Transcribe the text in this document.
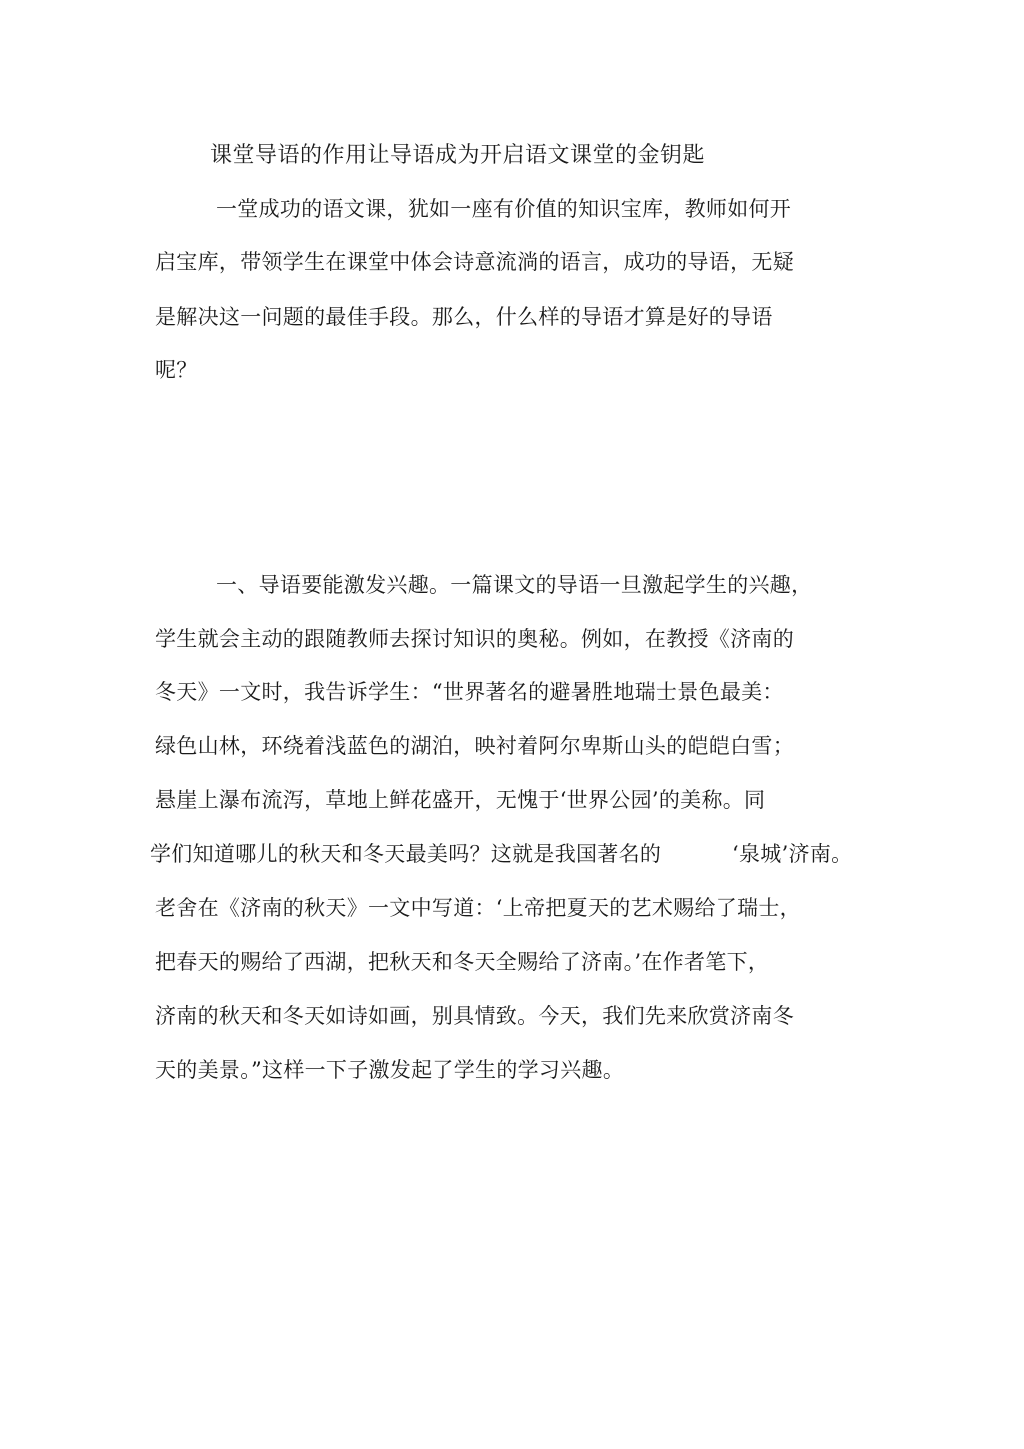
课堂导语的作用让导语成为开启语文课堂的金钥匙
一堂成功的语文课，犹如一座有价值的知识宝库，教师如何开
启宝库，带领学生在课堂中体会诗意流淌的语言，成功的导语，无疑
是解决这一问题的最佳手段。那么，什么样的导语才算是好的导语
呢？
一、导语要能激发兴趣。一篇课文的导语一旦激起学生的兴趣，
学生就会主动的跟随教师去探讨知识的奥秘。例如，在教授《济南的
冬天》一文时，我告诉学生：“世界著名的避暑胜地瑞士景色最美：
绿色山林，环绕着浅蓝色的湖泊，映衬着阿尔卑斯山头的皑皑白雪；
悬崖上瀑布流泻，草地上鲜花盛开，无愧于‘世界公园’的美称。同
学们知道哪儿的秋天和冬天最美吗？这就是我国著名的	‘泉城’济南。
老舍在《济南的秋天》一文中写道：‘上帝把夏天的艺术赐给了瑞士，
把春天的赐给了西湖，把秋天和冬天全赐给了济南。’在作者笔下，
济南的秋天和冬天如诗如画，别具情致。今天，我们先来欣赏济南冬
天的美景。”这样一下子激发起了学生的学习兴趣。
